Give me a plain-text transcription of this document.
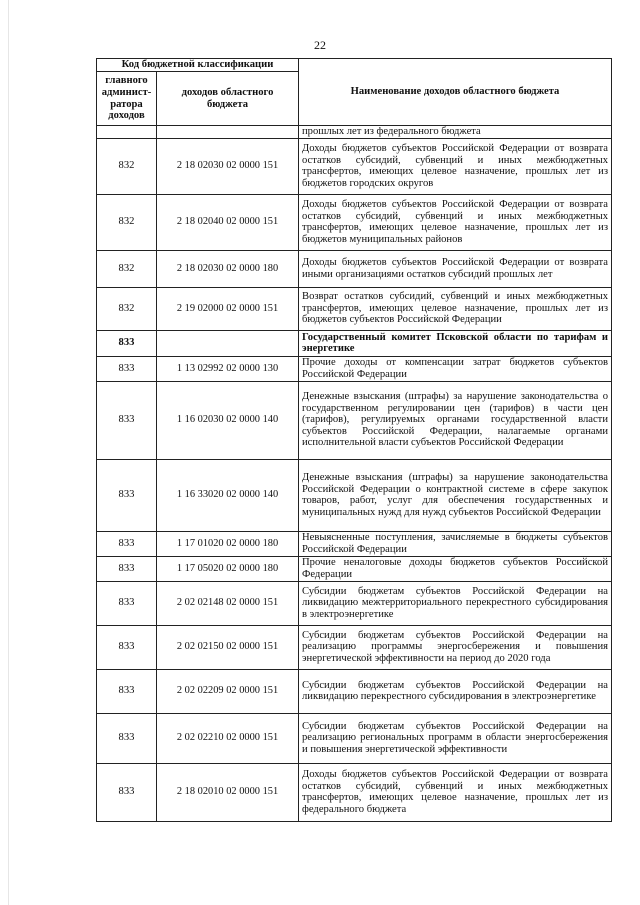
22
Код бюджетной классификации		Наименование доходов областного бюджета
главного админист-ратора доходов	доходов областного бюджета	
		прошлых лет из федерального бюджета
832	2 18 02030 02 0000 151	Доходы бюджетов субъектов Российской Федерации от возврата остатков субсидий, субвенций и иных межбюджетных трансфертов, имеющих целевое назначение, прошлых лет из бюджетов городских округов
832	2 18 02040 02 0000 151	Доходы бюджетов субъектов Российской Федерации от возврата остатков субсидий, субвенций и иных межбюджетных трансфертов, имеющих целевое назначение, прошлых лет из бюджетов муниципальных районов
832	2 18 02030 02 0000 180	Доходы бюджетов субъектов Российской Федерации от возврата иными организациями остатков субсидий прошлых лет
832	2 19 02000 02 0000 151	Возврат остатков субсидий, субвенций и иных межбюджетных трансфертов, имеющих целевое назначение, прошлых лет из бюджетов субъектов Российской Федерации
833		Государственный комитет Псковской области по тарифам и энергетике
833	1 13 02992 02 0000 130	Прочие доходы от компенсации затрат бюджетов субъектов Российской Федерации
833	1 16 02030 02 0000 140	Денежные взыскания (штрафы) за нарушение законодательства о государственном регулировании цен (тарифов) в части цен (тарифов), регулируемых органами государственной власти субъектов Российской Федерации, налагаемые органами исполнительной власти субъектов Российской Федерации
833	1 16 33020 02 0000 140	Денежные взыскания (штрафы) за нарушение законодательства Российской Федерации о контрактной системе в сфере закупок товаров, работ, услуг для обеспечения государственных и муниципальных нужд для нужд субъектов Российской Федерации
833	1 17 01020 02 0000 180	Невыясненные поступления, зачисляемые в бюджеты субъектов Российской Федерации
833	1 17 05020 02 0000 180	Прочие неналоговые доходы бюджетов субъектов Российской Федерации
833	2 02 02148 02 0000 151	Субсидии бюджетам субъектов Российской Федерации на ликвидацию межтерриториального перекрестного субсидирования в электроэнергетике
833	2 02 02150 02 0000 151	Субсидии бюджетам субъектов Российской Федерации на реализацию программы энергосбережения и повышения энергетической эффективности на период до 2020 года
833	2 02 02209 02 0000 151	Субсидии бюджетам субъектов Российской Федерации на ликвидацию перекрестного субсидирования в электроэнергетике
833	2 02 02210 02 0000 151	Субсидии бюджетам субъектов Российской Федерации на реализацию региональных программ в области энергосбережения и повышения энергетической эффективности
833	2 18 02010 02 0000 151	Доходы бюджетов субъектов Российской Федерации от возврата остатков субсидий, субвенций и иных межбюджетных трансфертов, имеющих целевое назначение, прошлых лет из федерального бюджета
